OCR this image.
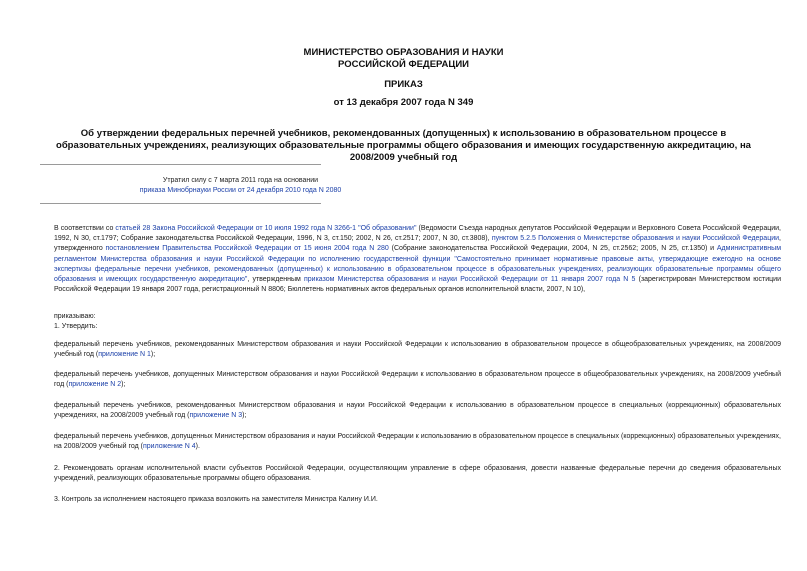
МИНИСТЕРСТВО ОБРАЗОВАНИЯ И НАУКИ
РОССИЙСКОЙ ФЕДЕРАЦИИ
ПРИКАЗ
от 13 декабря 2007 года N 349
Об утверждении федеральных перечней учебников, рекомендованных (допущенных) к использованию в образовательном процессе в образовательных учреждениях, реализующих образовательные программы общего образования и имеющих государственную аккредитацию, на 2008/2009 учебный год
Утратил силу с 7 марта 2011 года на основании
приказа Минобрнауки России от 24 декабря 2010 года N 2080
В соответствии со статьей 28 Закона Российской Федерации от 10 июля 1992 года N 3266-1 "Об образовании" (Ведомости Съезда народных депутатов Российской Федерации и Верховного Совета Российской Федерации, 1992, N 30, ст.1797; Собрание законодательства Российской Федерации, 1996, N 3, ст.150; 2002, N 26, ст.2517; 2007, N 30, ст.3808), пунктом 5.2.5 Положения о Министерстве образования и науки Российской Федерации, утвержденного постановлением Правительства Российской Федерации от 15 июня 2004 года N 280 (Собрание законодательства Российской Федерации, 2004, N 25, ст.2562; 2005, N 25, ст.1350) и Административным регламентом Министерства образования и науки Российской Федерации по исполнению государственной функции "Самостоятельно принимает нормативные правовые акты, утверждающие ежегодно на основе экспертизы федеральные перечни учебников, рекомендованных (допущенных) к использованию в образовательном процессе в образовательных учреждениях, реализующих образовательные программы общего образования и имеющих государственную аккредитацию", утвержденным приказом Министерства образования и науки Российской Федерации от 11 января 2007 года N 5 (зарегистрирован Министерством юстиции Российской Федерации 19 января 2007 года, регистрационный N 8806; Бюллетень нормативных актов федеральных органов исполнительной власти, 2007, N 10),
приказываю:
1. Утвердить:
федеральный перечень учебников, рекомендованных Министерством образования и науки Российской Федерации к использованию в образовательном процессе в общеобразовательных учреждениях, на 2008/2009 учебный год (приложение N 1);
федеральный перечень учебников, допущенных Министерством образования и науки Российской Федерации к использованию в образовательном процессе в общеобразовательных учреждениях, на 2008/2009 учебный год (приложение N 2);
федеральный перечень учебников, рекомендованных Министерством образования и науки Российской Федерации к использованию в образовательном процессе в специальных (коррекционных) образовательных учреждениях, на 2008/2009 учебный год (приложение N 3);
федеральный перечень учебников, допущенных Министерством образования и науки Российской Федерации к использованию в образовательном процессе в специальных (коррекционных) образовательных учреждениях, на 2008/2009 учебный год (приложение N 4).
2. Рекомендовать органам исполнительной власти субъектов Российской Федерации, осуществляющим управление в сфере образования, довести названные федеральные перечни до сведения образовательных учреждений, реализующих образовательные программы общего образования.
3. Контроль за исполнением настоящего приказа возложить на заместителя Министра Калину И.И.
